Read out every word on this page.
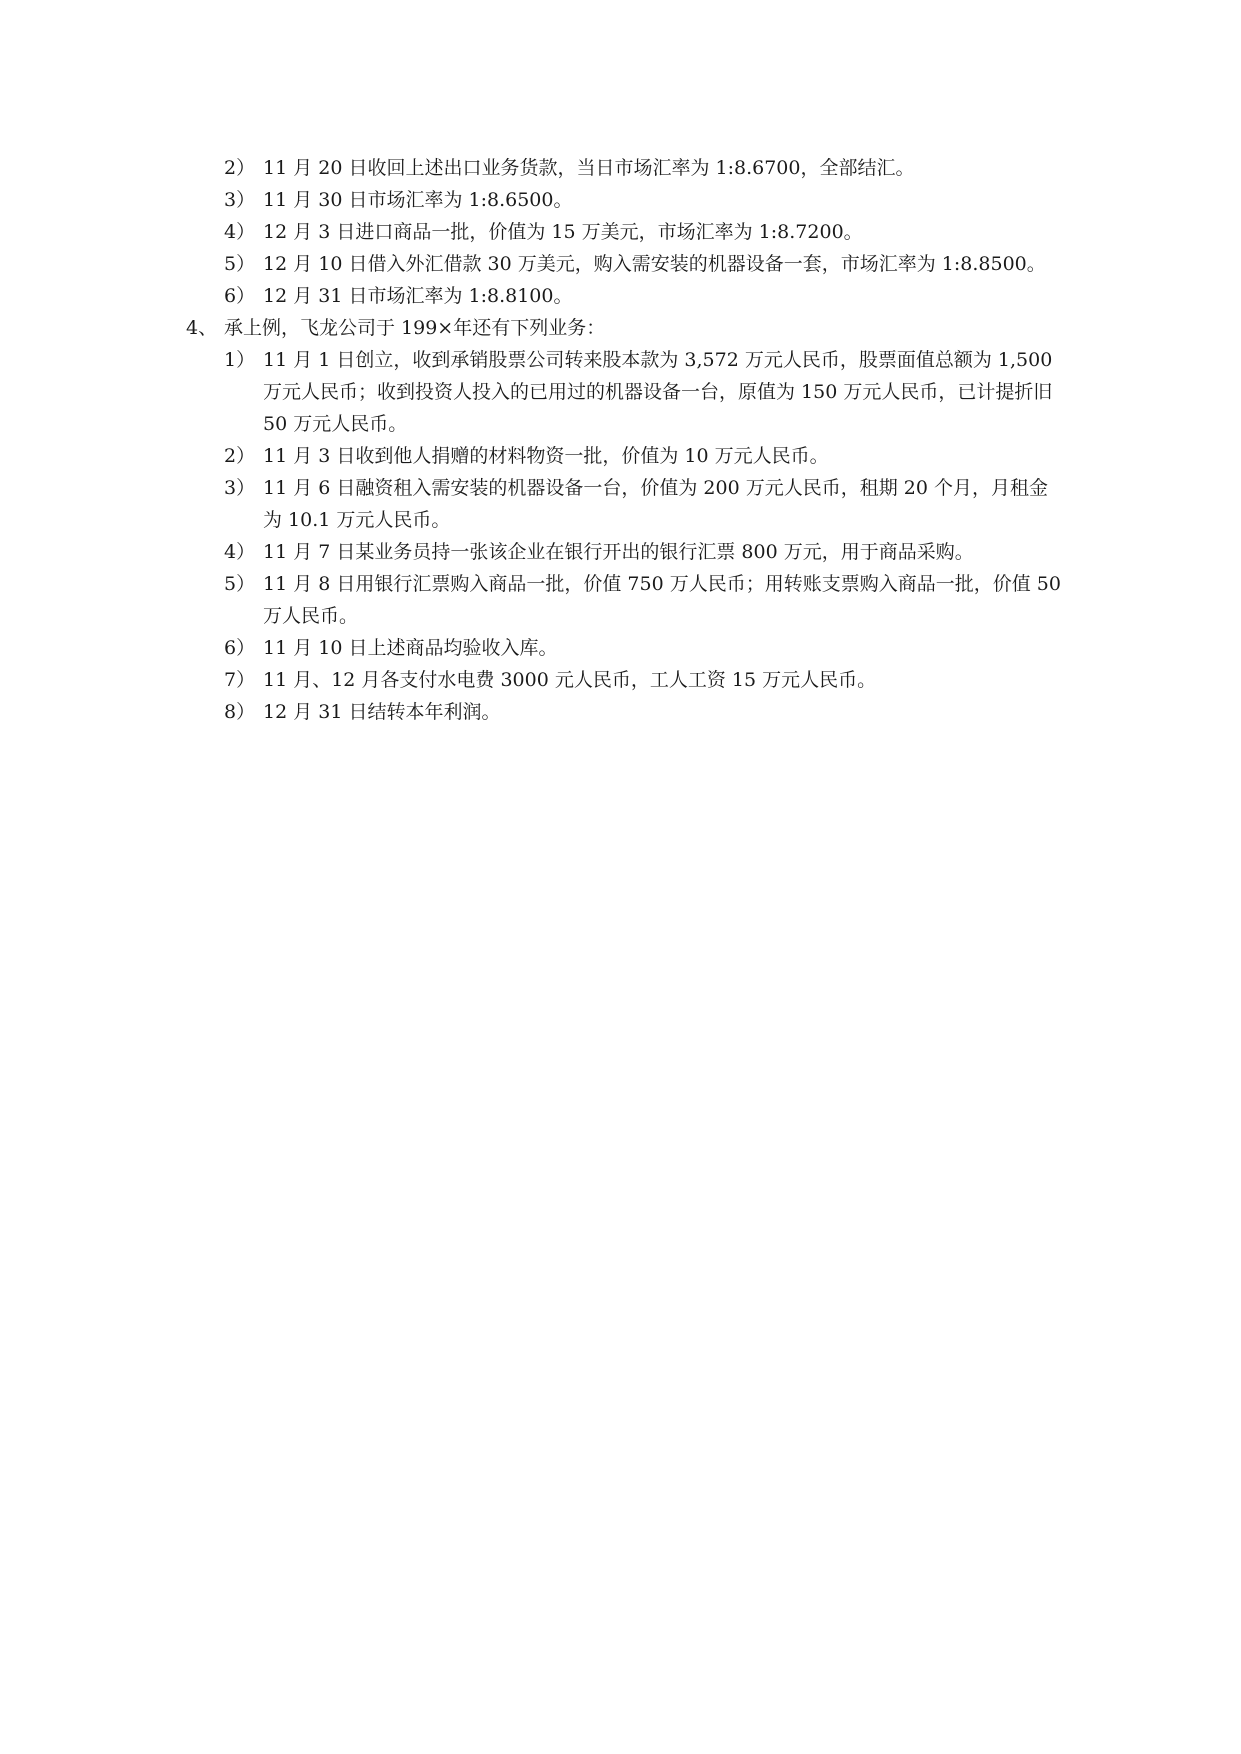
2） 11 月 20 日收回上述出口业务货款，当日市场汇率为 1:8.6700，全部结汇。
3） 11 月 30 日市场汇率为 1:8.6500。
4） 12 月 3 日进口商品一批，价值为 15 万美元，市场汇率为 1:8.7200。
5） 12 月 10 日借入外汇借款 30 万美元，购入需安装的机器设备一套，市场汇率为 1:8.8500。
6） 12 月 31 日市场汇率为 1:8.8100。
4、 承上例，飞龙公司于 199×年还有下列业务：
1） 11 月 1 日创立，收到承销股票公司转来股本款为 3,572 万元人民币，股票面值总额为 1,500 万元人民币；收到投资人投入的已用过的机器设备一台，原值为 150 万元人民币，已计提折旧 50 万元人民币。
2） 11 月 3 日收到他人捐赠的材料物资一批，价值为 10 万元人民币。
3） 11 月 6 日融资租入需安装的机器设备一台，价值为 200 万元人民币，租期 20 个月，月租金为 10.1 万元人民币。
4） 11 月 7 日某业务员持一张该企业在银行开出的银行汇票 800 万元，用于商品采购。
5） 11 月 8 日用银行汇票购入商品一批，价值 750 万人民币；用转账支票购入商品一批，价值 50 万人民币。
6） 11 月 10 日上述商品均验收入库。
7） 11 月、12 月各支付水电费 3000 元人民币，工人工资 15 万元人民币。
8） 12 月 31 日结转本年利润。
